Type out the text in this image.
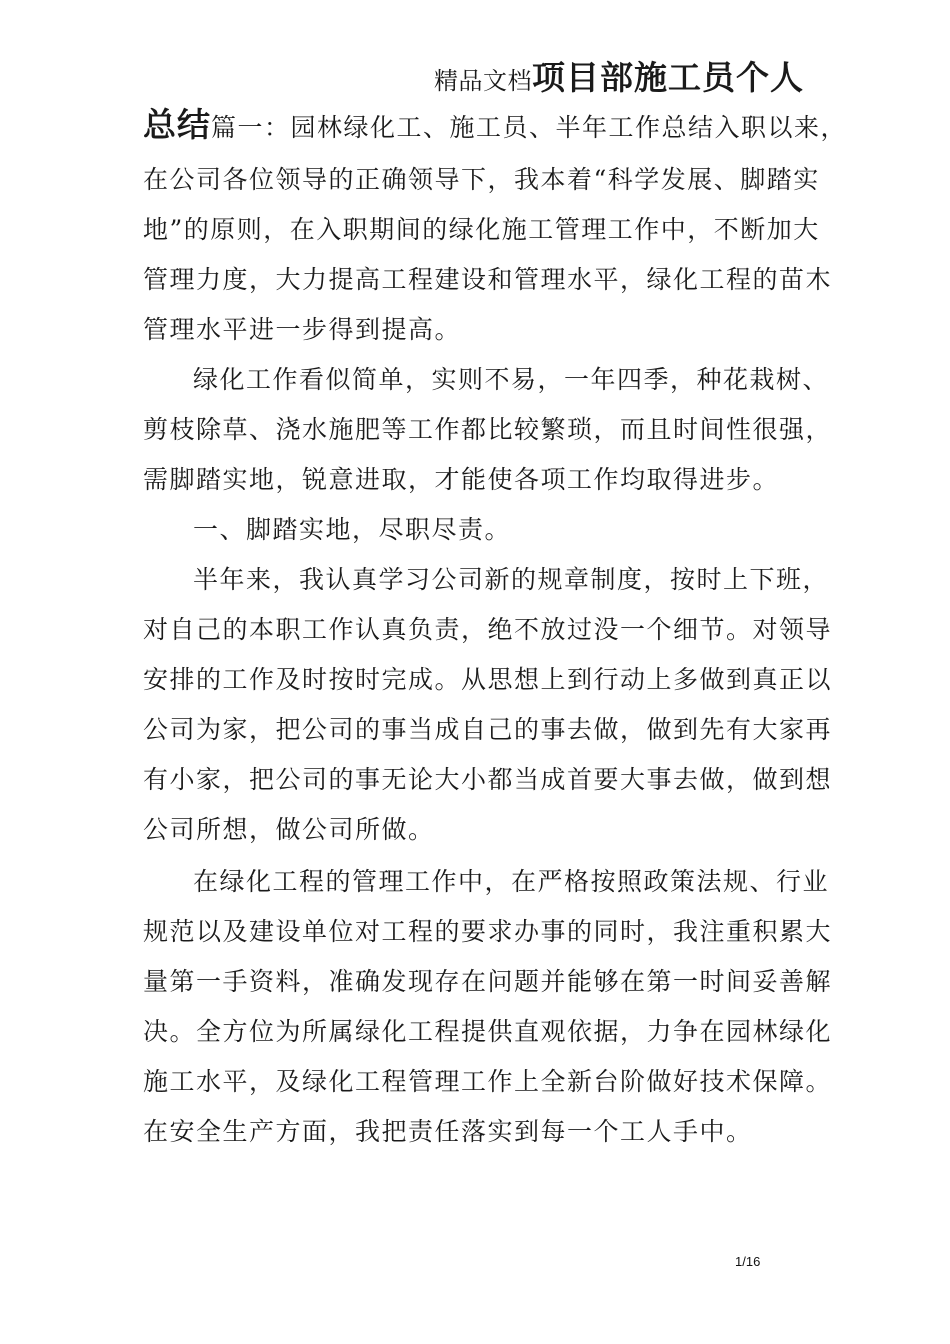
精品文档项目部施工员个人
总结篇一：园林绿化工、施工员、半年工作总结入职以来，
在公司各位领导的正确领导下，我本着“科学发展、脚踏实
地”的原则，在入职期间的绿化施工管理工作中，不断加大
管理力度，大力提高工程建设和管理水平，绿化工程的苗木
管理水平进一步得到提高。
绿化工作看似简单，实则不易，一年四季，种花栽树、
剪枝除草、浇水施肥等工作都比较繁琐，而且时间性很强，
需脚踏实地，锐意进取，才能使各项工作均取得进步。
一、脚踏实地，尽职尽责。
半年来，我认真学习公司新的规章制度，按时上下班，
对自己的本职工作认真负责，绝不放过没一个细节。对领导
安排的工作及时按时完成。从思想上到行动上多做到真正以
公司为家，把公司的事当成自己的事去做，做到先有大家再
有小家，把公司的事无论大小都当成首要大事去做，做到想
公司所想，做公司所做。
在绿化工程的管理工作中，在严格按照政策法规、行业
规范以及建设单位对工程的要求办事的同时，我注重积累大
量第一手资料，准确发现存在问题并能够在第一时间妥善解
决。全方位为所属绿化工程提供直观依据，力争在园林绿化
施工水平，及绿化工程管理工作上全新台阶做好技术保障。
在安全生产方面，我把责任落实到每一个工人手中。
1/16
